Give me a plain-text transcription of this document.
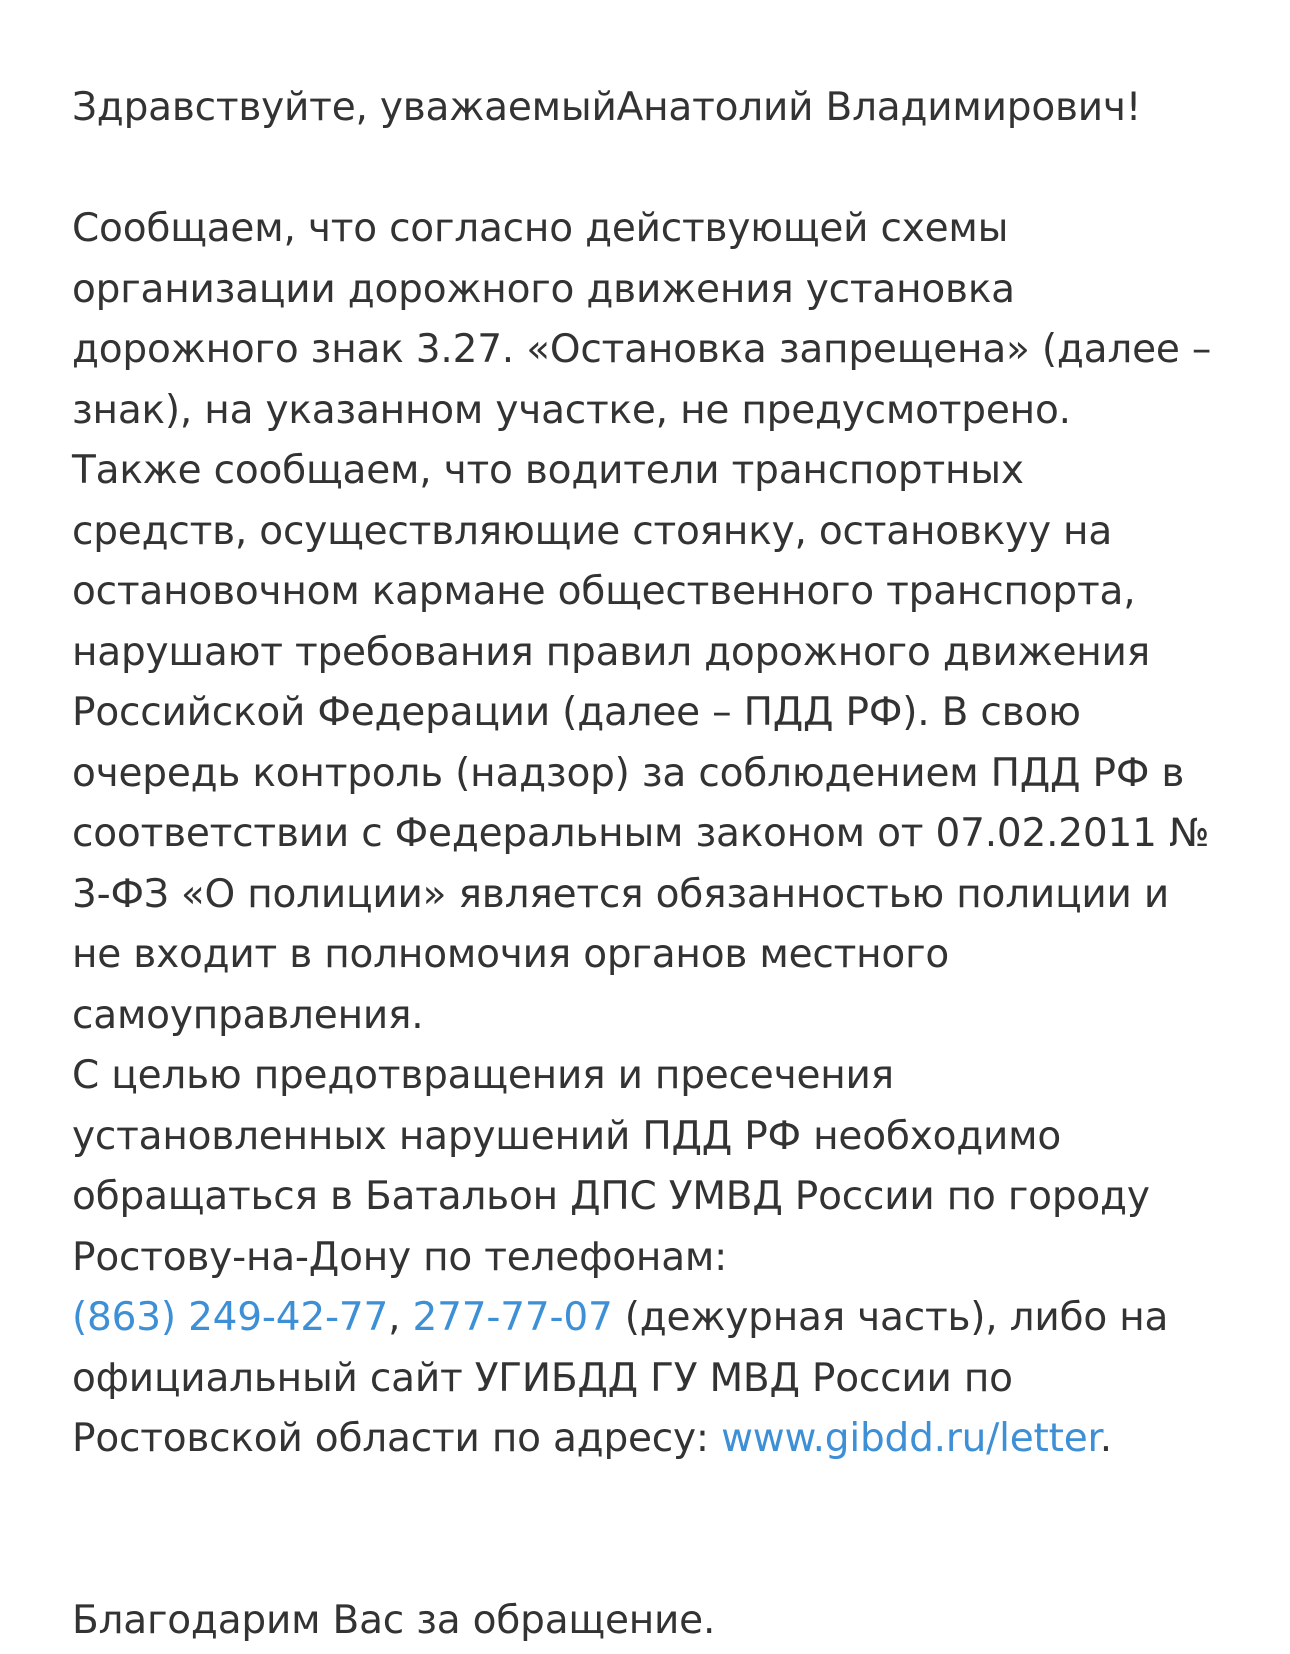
Здравствуйте, уважаемыйАнатолий Владимирович!
Сообщаем, что согласно действующей схемы
организации дорожного движения установка
дорожного знак 3.27. «Остановка запрещена» (далее –
знак), на указанном участке, не предусмотрено.
Также сообщаем, что водители транспортных
средств, осуществляющие стоянку, остановкуу на
остановочном кармане общественного транспорта,
нарушают требования правил дорожного движения
Российской Федерации (далее – ПДД РФ). В свою
очередь контроль (надзор) за соблюдением ПДД РФ в
соответствии с Федеральным законом от 07.02.2011 №
3-ФЗ «О полиции» является обязанностью полиции и
не входит в полномочия органов местного
самоуправления.
С целью предотвращения и пресечения
установленных нарушений ПДД РФ необходимо
обращаться в Батальон ДПС УМВД России по городу
Ростову-на-Дону по телефонам:
(863) 249-42-77, 277-77-07 (дежурная часть), либо на
официальный сайт УГИБДД ГУ МВД России по
Ростовской области по адресу: www.gibdd.ru/letter.
Благодарим Вас за обращение.
